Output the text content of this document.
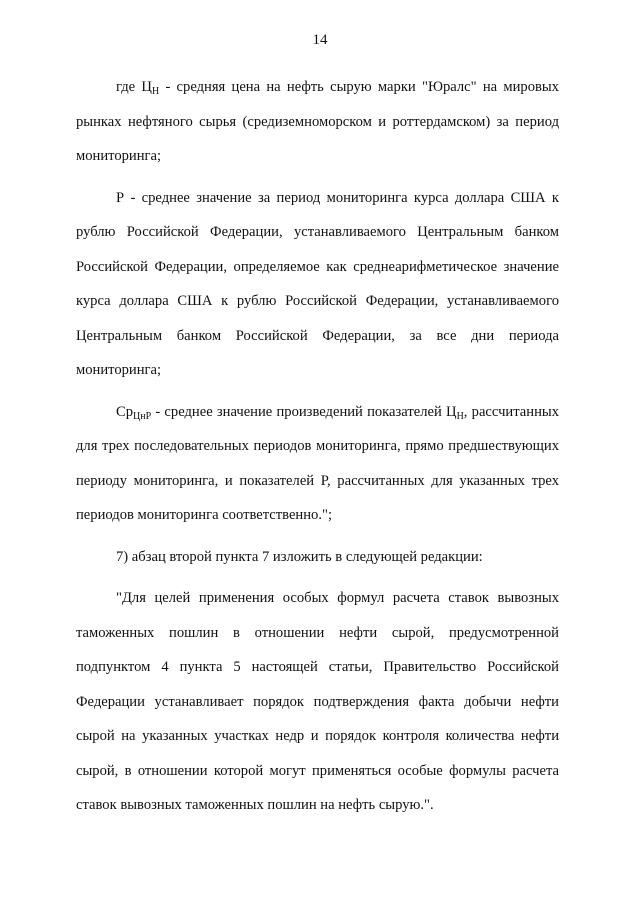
14

где $Ц_Н$ - средняя цена на нефть сырую марки "Юралс" на мировых рынках нефтяного сырья (средиземноморском и роттердамском) за период мониторинга;

Р - среднее значение за период мониторинга курса доллара США к рублю Российской Федерации, устанавливаемого Центральным банком Российской Федерации, определяемое как среднеарифметическое значение курса доллара США к рублю Российской Федерации, устанавливаемого Центральным банком Российской Федерации, за все дни периода мониторинга;

$Ср_{ЦнР}$ - среднее значение произведений показателей $Ц_Н$, рассчитанных для трех последовательных периодов мониторинга, прямо предшествующих периоду мониторинга, и показателей Р, рассчитанных для указанных трех периодов мониторинга соответственно.";

7) абзац второй пункта 7 изложить в следующей редакции:

"Для целей применения особых формул расчета ставок вывозных таможенных пошлин в отношении нефти сырой, предусмотренной подпунктом 4 пункта 5 настоящей статьи, Правительство Российской Федерации устанавливает порядок подтверждения факта добычи нефти сырой на указанных участках недр и порядок контроля количества нефти сырой, в отношении которой могут применяться особые формулы расчета ставок вывозных таможенных пошлин на нефть сырую.".
